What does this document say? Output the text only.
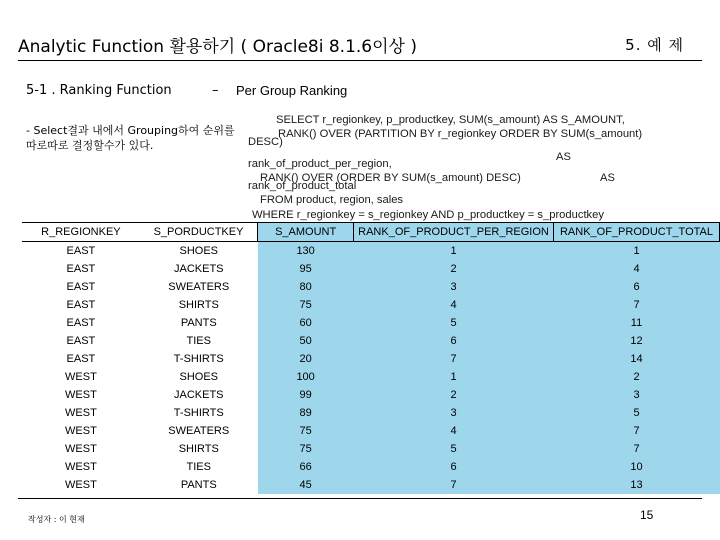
Analytic Function 활용하기 ( Oracle8i 8.1.6이상 )	5. 예 제
5-1 . Ranking Function	– Per Group Ranking
- Select결과 내에서 Grouping하여 순위를 따로따로 결정할수가 있다.
SELECT r_regionkey, p_productkey, SUM(s_amount) AS S_AMOUNT,
RANK() OVER (PARTITION BY r_regionkey ORDER BY SUM(s_amount)
DESC)
AS
rank_of_product_per_region,
RANK() OVER (ORDER BY SUM(s_amount) DESC)	AS
rank_of_product_total
FROM product, region, sales
WHERE r_regionkey = s_regionkey AND p_productkey = s_productkey
R_REGIONKEY	S_PORDUCTKEY	S_AMOUNT	RANK_OF_PRODUCT_PER_REGION	RANK_OF_PRODUCT_TOTAL
EAST	SHOES	130	1	1
EAST	JACKETS	95	2	4
EAST	SWEATERS	80	3	6
EAST	SHIRTS	75	4	7
EAST	PANTS	60	5	11
EAST	TIES	50	6	12
EAST	T-SHIRTS	20	7	14
WEST	SHOES	100	1	2
WEST	JACKETS	99	2	3
WEST	T-SHIRTS	89	3	5
WEST	SWEATERS	75	4	7
WEST	SHIRTS	75	5	7
WEST	TIES	66	6	10
WEST	PANTS	45	7	13
작성자 : 이 현재	15
